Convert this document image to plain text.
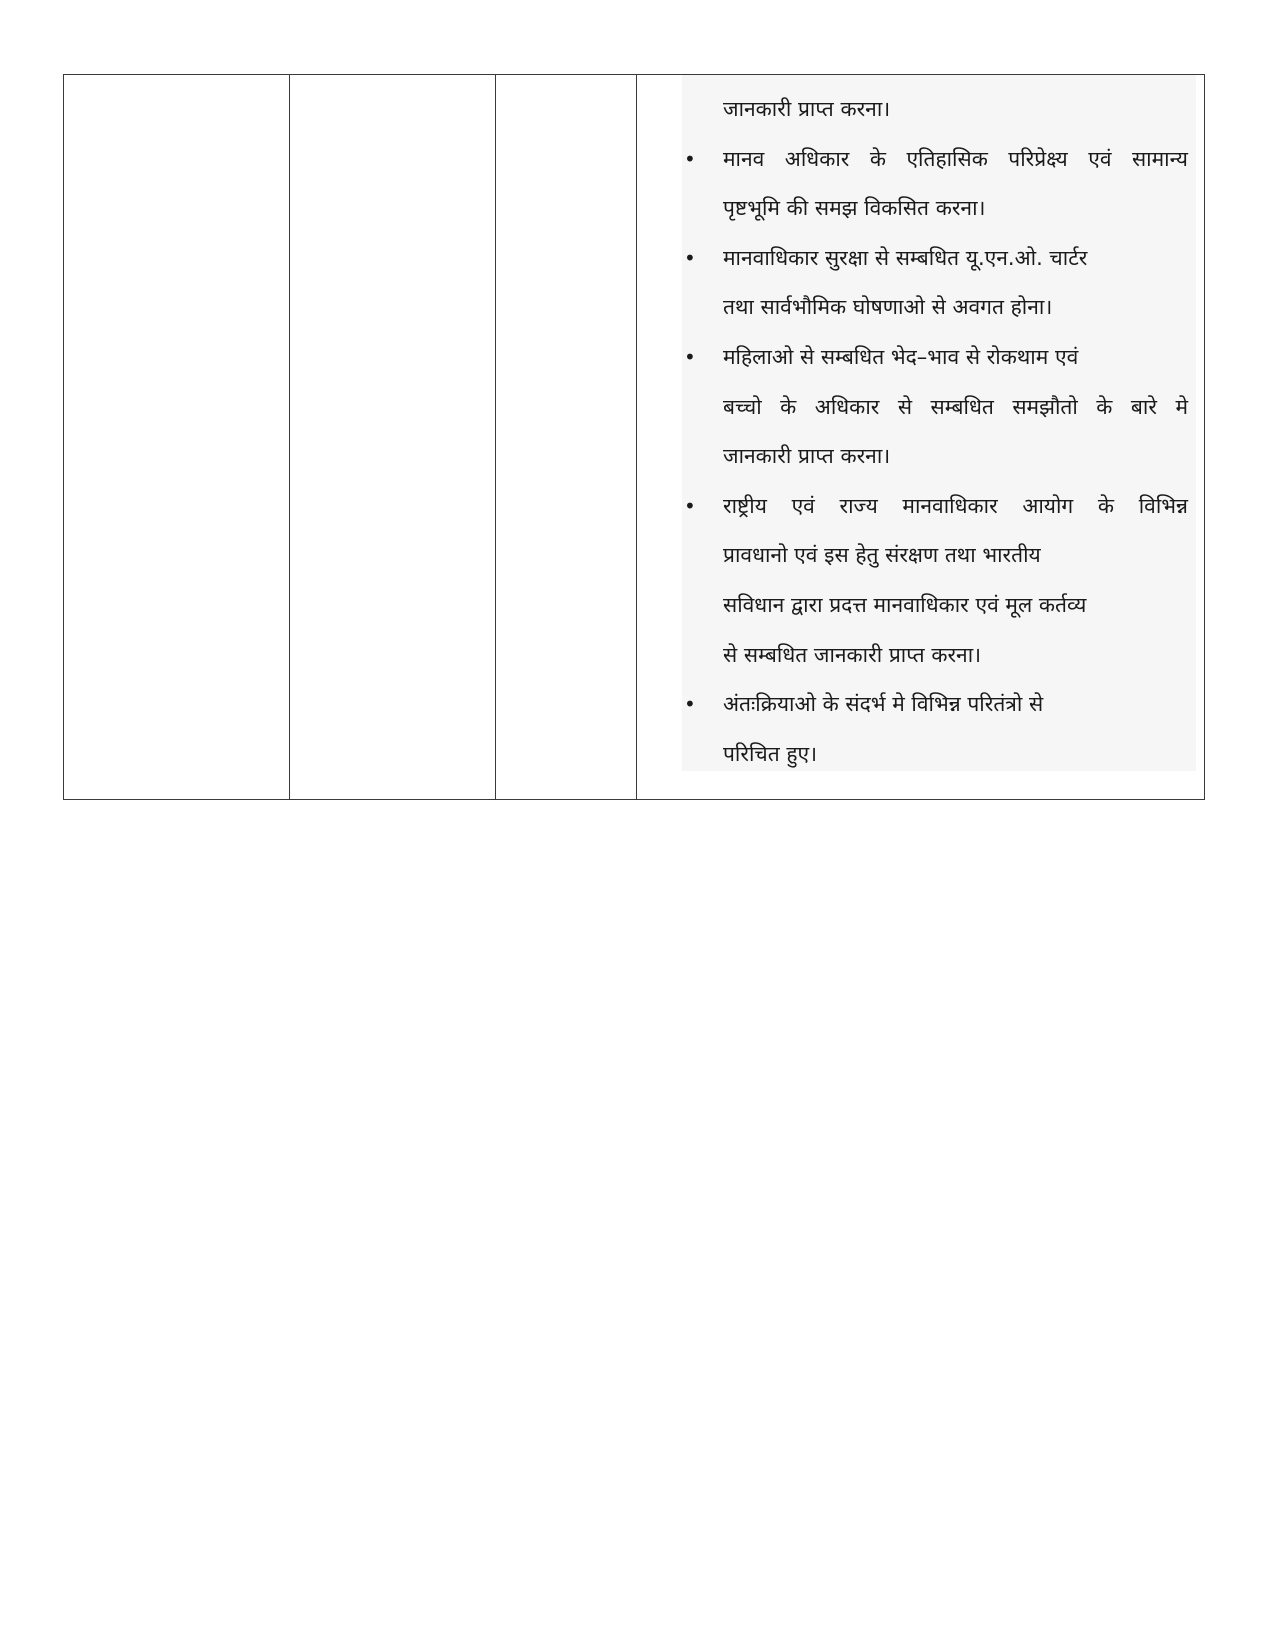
जानकारी प्राप्त करना।
• मानव अधिकार के एतिहासिक परिप्रेक्ष्य एवं सामान्य
पृष्टभूमि की समझ विकसित करना।
• मानवाधिकार सुरक्षा से सम्बधित यू.एन.ओ. चार्टर
तथा सार्वभौमिक घोषणाओ से अवगत होना।
• महिलाओ से सम्बधित भेद–भाव से रोकथाम एवं
बच्चो के अधिकार से सम्बधित समझौतो के बारे मे
जानकारी प्राप्त करना।
• राष्ट्रीय एवं राज्य मानवाधिकार आयोग के विभिन्न
प्रावधानो एवं इस हेतु संरक्षण तथा भारतीय
सविधान द्वारा प्रदत्त मानवाधिकार एवं मूल कर्तव्य
से सम्बधित जानकारी प्राप्त करना।
• अंतःक्रियाओ के संदर्भ मे विभिन्न परितंत्रो से
परिचित हुए।
